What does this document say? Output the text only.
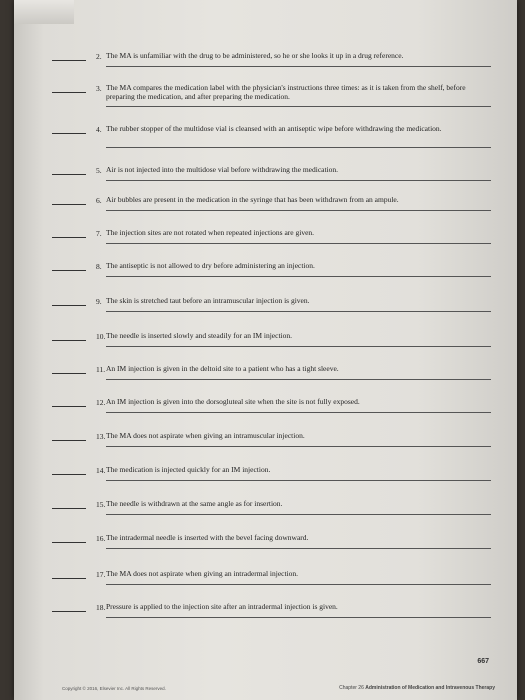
2. The MA is unfamiliar with the drug to be administered, so he or she looks it up in a drug reference.
3. The MA compares the medication label with the physician's instructions three times: as it is taken from the shelf, before preparing the medication, and after preparing the medication.
4. The rubber stopper of the multidose vial is cleansed with an antiseptic wipe before withdrawing the medication.
5. Air is not injected into the multidose vial before withdrawing the medication.
6. Air bubbles are present in the medication in the syringe that has been withdrawn from an ampule.
7. The injection sites are not rotated when repeated injections are given.
8. The antiseptic is not allowed to dry before administering an injection.
9. The skin is stretched taut before an intramuscular injection is given.
10. The needle is inserted slowly and steadily for an IM injection.
11. An IM injection is given in the deltoid site to a patient who has a tight sleeve.
12. An IM injection is given into the dorsogluteal site when the site is not fully exposed.
13. The MA does not aspirate when giving an intramuscular injection.
14. The medication is injected quickly for an IM injection.
15. The needle is withdrawn at the same angle as for insertion.
16. The intradermal needle is inserted with the bevel facing downward.
17. The MA does not aspirate when giving an intradermal injection.
18. Pressure is applied to the injection site after an intradermal injection is given.
667
Copyright © 2016, Elsevier Inc. All Rights Reserved.	Chapter 26 Administration of Medication and Intravenous Therapy
